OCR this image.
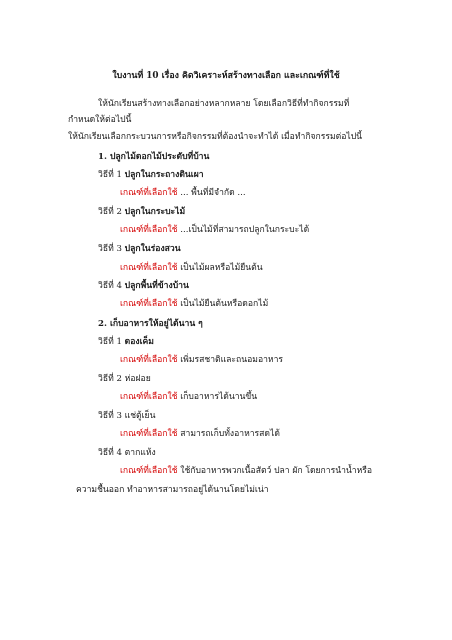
ใบงานที่ 10 เรื่อง คิดวิเคราะห์สร้างทางเลือก และเกณฑ์ที่ใช้
ให้นักเรียนสร้างทางเลือกอย่างหลากหลาย โดยเลือกวิธีที่ทำกิจกรรมที่
กำหนดให้ต่อไปนี้
ให้นักเรียนเลือกกระบวนการหรือกิจกรรมที่ต้องนำจะทำได้ เมื่อทำกิจกรรมต่อไปนี้
1. ปลูกไม้ดอกไม้ประดับที่บ้าน
วิธีที่ 1 ปลูกในกระถางดินเผา
เกณฑ์ที่เลือกใช้ ... พื้นที่มีจำกัด ...
วิธีที่ 2 ปลูกในกระบะไม้
เกณฑ์ที่เลือกใช้ ...เป็นไม้ที่สามารถปลูกในกระบะได้
วิธีที่ 3 ปลูกในร่องสวน
เกณฑ์ที่เลือกใช้ เป็นไม้ผลหรือไม้ยืนต้น
วิธีที่ 4 ปลูกพื้นที่ข้างบ้าน
เกณฑ์ที่เลือกใช้ เป็นไม้ยืนต้นหรือดอกไม้
2. เก็บอาหารให้อยู่ได้นาน ๆ
วิธีที่ 1 ดองเค็ม
เกณฑ์ที่เลือกใช้ เพิ่มรสชาติและถนอมอาหาร
วิธีที่ 2 ห่อฝอย
เกณฑ์ที่เลือกใช้ เก็บอาหารได้นานขึ้น
วิธีที่ 3 แช่ตู้เย็น
เกณฑ์ที่เลือกใช้ สามารถเก็บทั้งอาหารสดได้
วิธีที่ 4 ตากแห้ง
เกณฑ์ที่เลือกใช้ ใช้กับอาหารพวกเนื้อสัตว์ ปลา ผัก โดยการนำน้ำหรือ
ความชื้นออก ทำอาหารสามารถอยู่ได้นานโดยไม่เน่า
